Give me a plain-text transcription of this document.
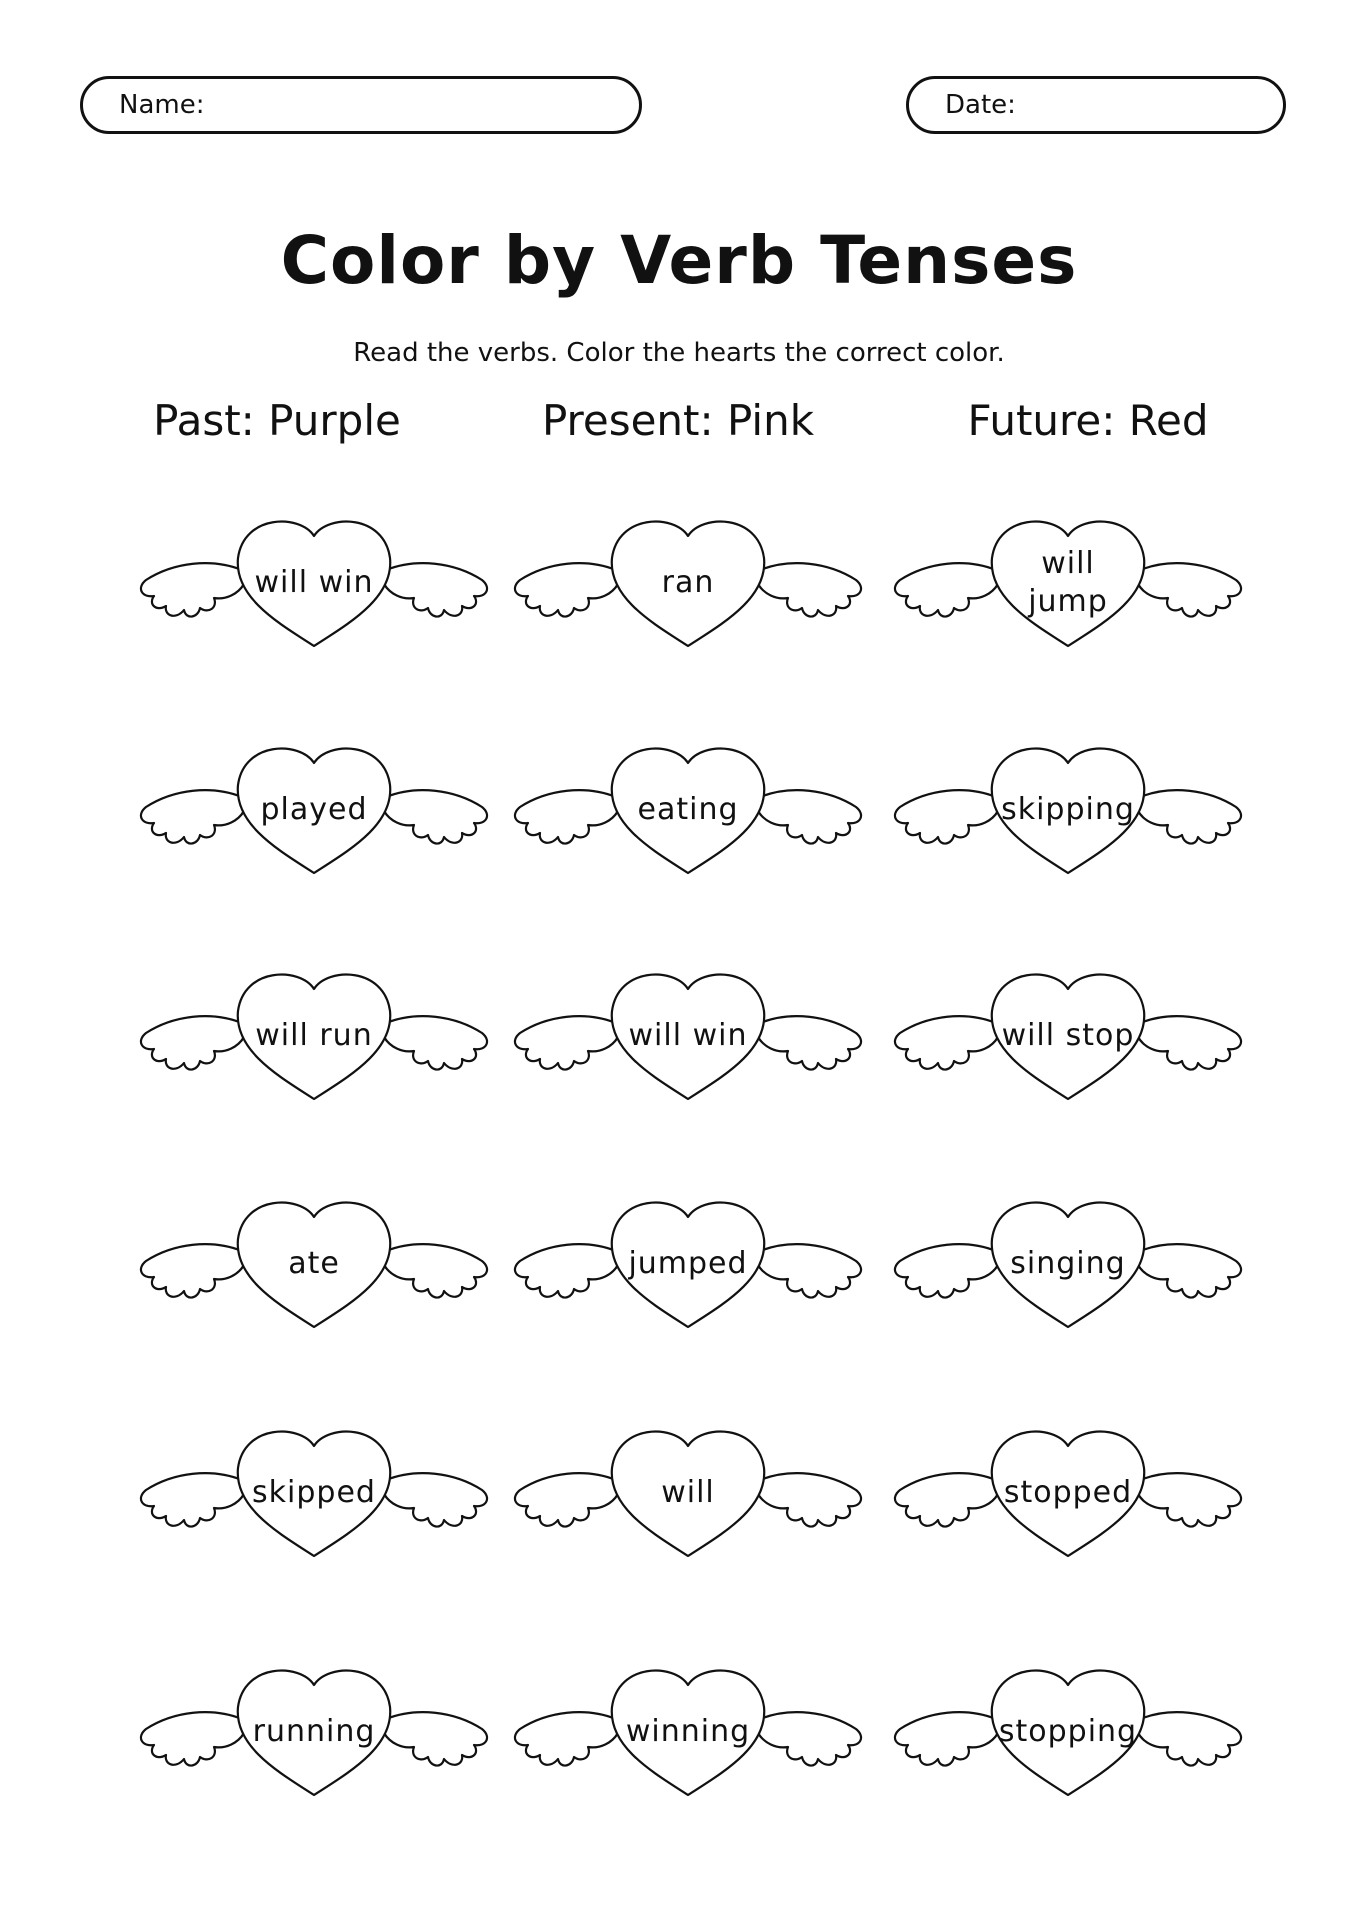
Name:	Date:
Color by Verb Tenses
Read the verbs. Color the hearts the correct color.
Past: Purple	Present: Pink	Future: Red
will win	ran
will jump
played	eating	skipping
will run	will win	will stop
ate	jumped	singing
skipped	will	stopped
running	winning	stopping
